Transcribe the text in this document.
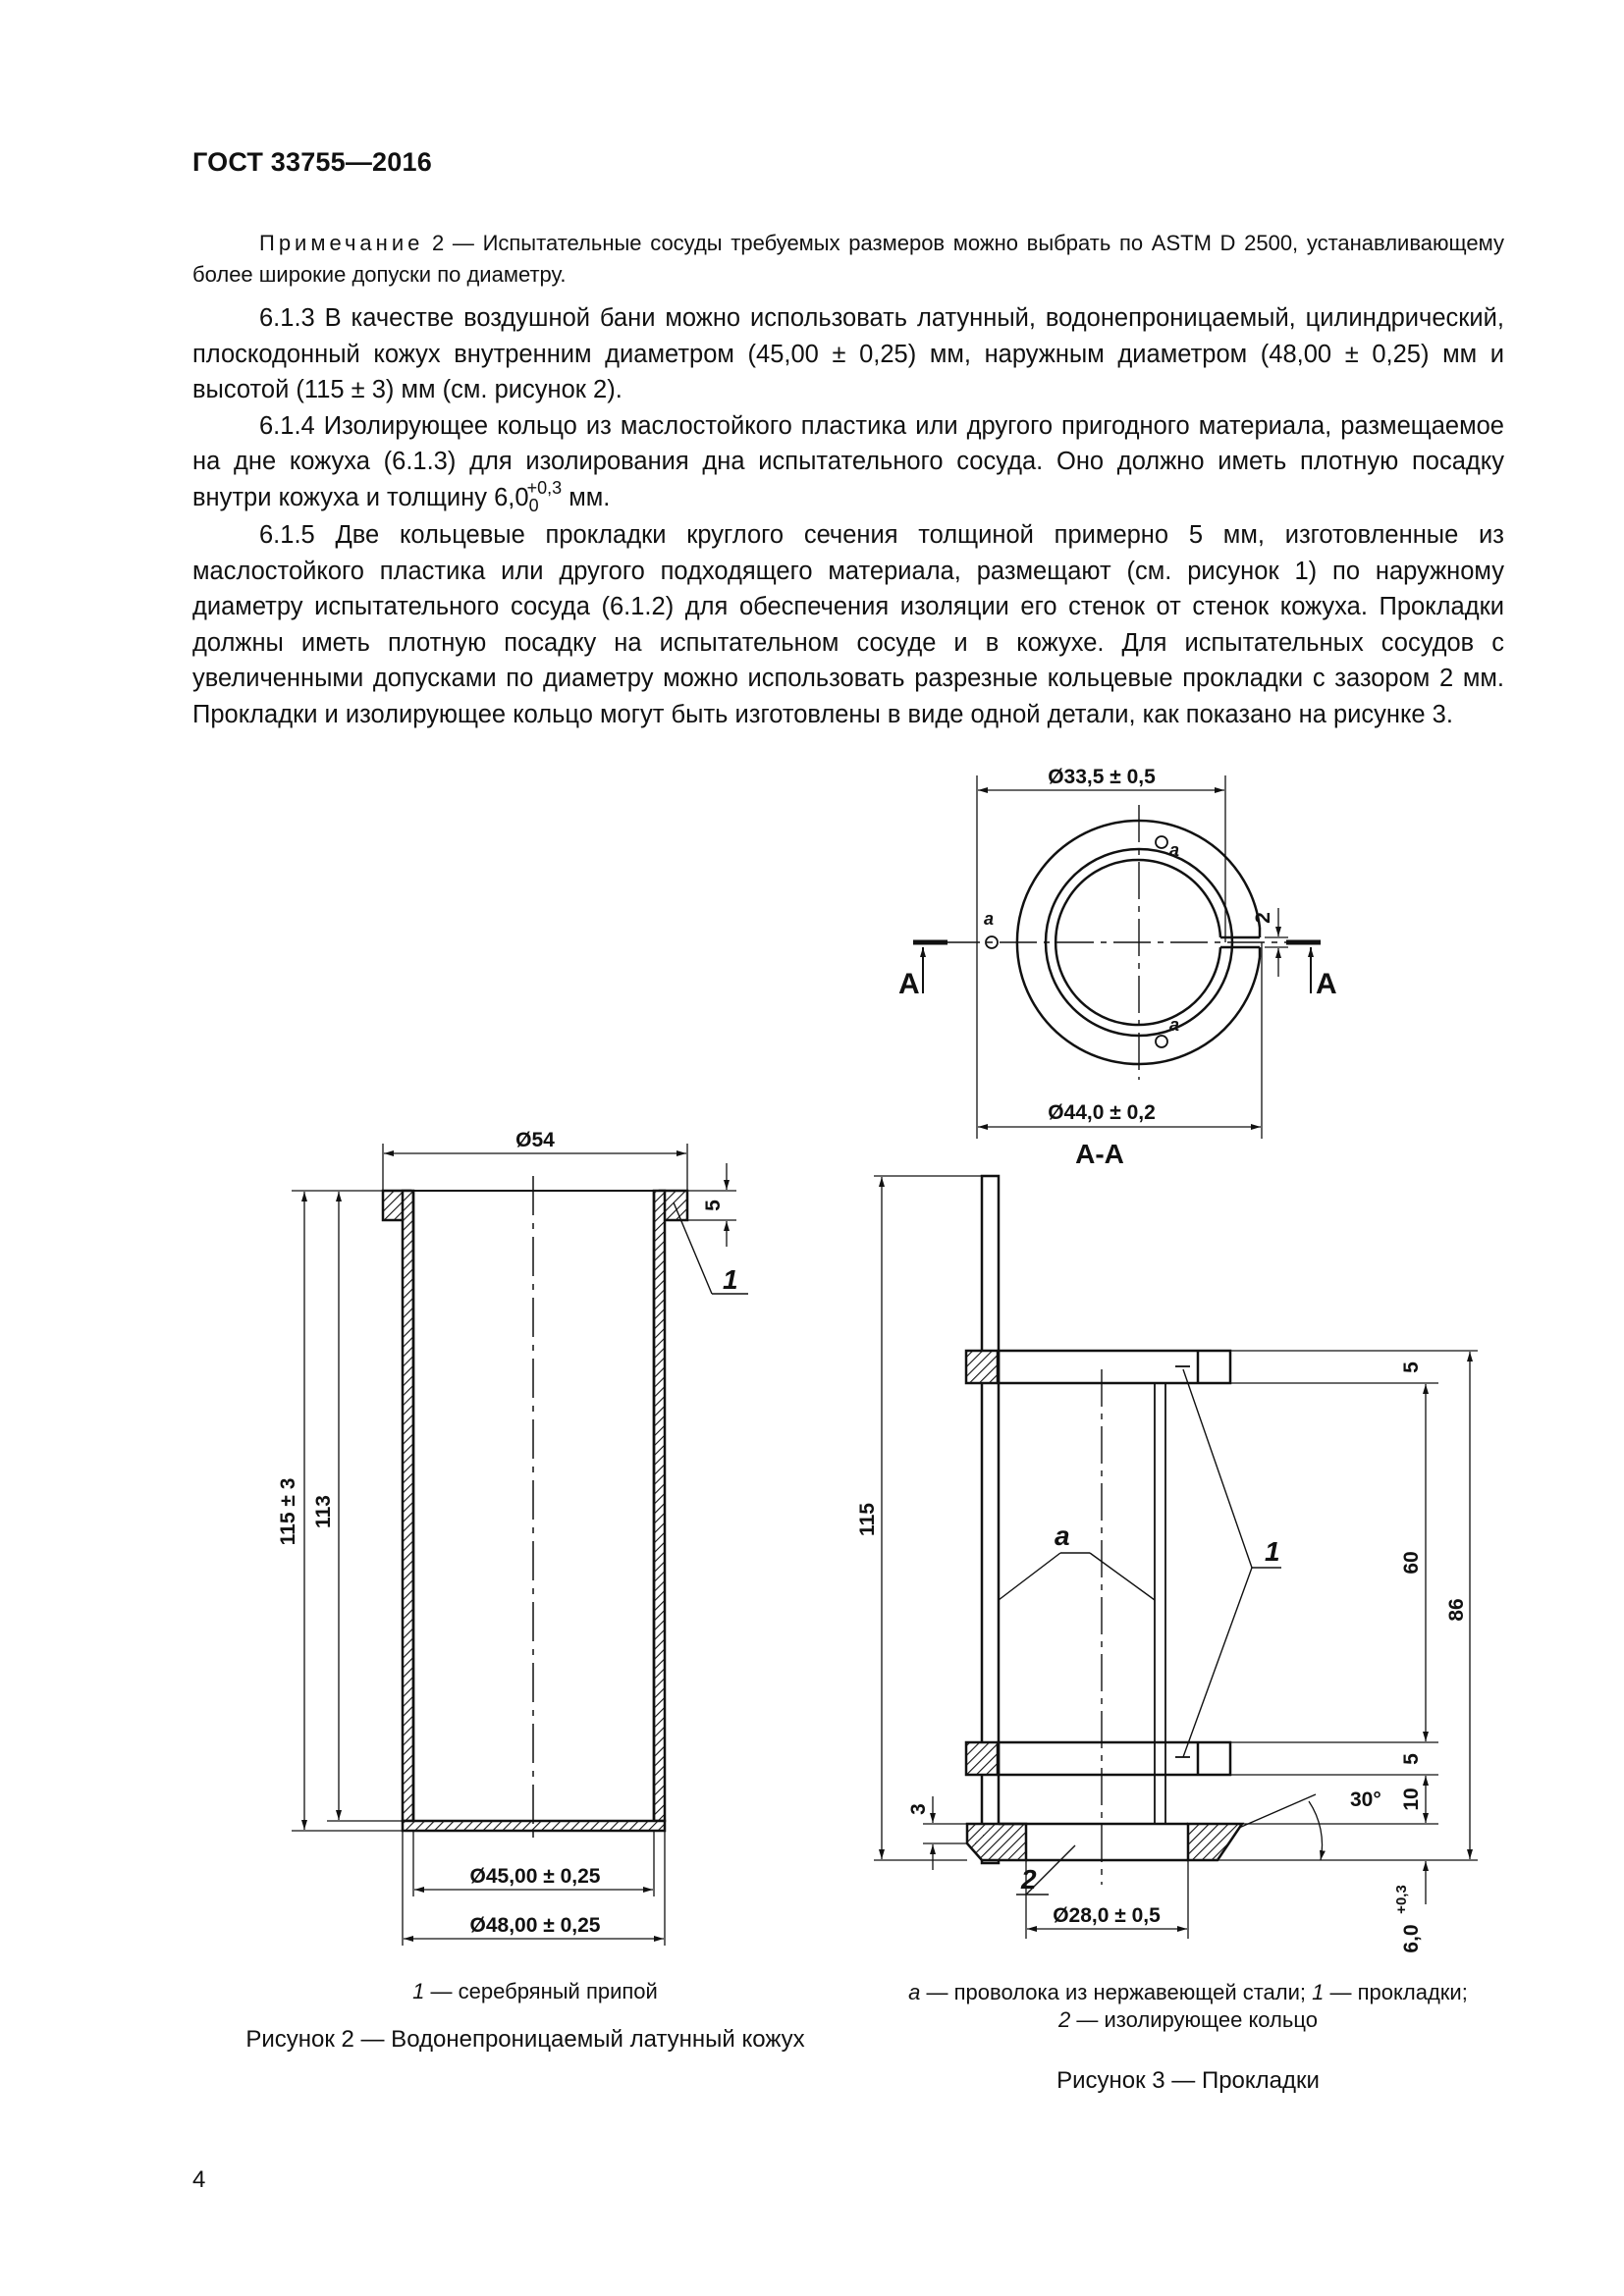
ГОСТ 33755—2016

Примечание 2 — Испытательные сосуды требуемых размеров можно выбрать по ASTM D 2500, устанавливающему более широкие допуски по диаметру.

6.1.3 В качестве воздушной бани можно использовать латунный, водонепроницаемый, цилиндрический, плоскодонный кожух внутренним диаметром (45,00 ± 0,25) мм, наружным диаметром (48,00 ± 0,25) мм и высотой (115 ± 3) мм (см. рисунок 2).

6.1.4 Изолирующее кольцо из маслостойкого пластика или другого пригодного материала, размещаемое на дне кожуха (6.1.3) для изолирования дна испытательного сосуда. Оно должно иметь плотную посадку внутри кожуха и толщину $6,0_0^{+0,3}$ мм.

6.1.5 Две кольцевые прокладки круглого сечения толщиной примерно 5 мм, изготовленные из маслостойкого пластика или другого подходящего материала, размещают (см. рисунок 1) по наружному диаметру испытательного сосуда (6.1.2) для обеспечения изоляции его стенок от стенок кожуха. Прокладки должны иметь плотную посадку на испытательном сосуде и в кожухе. Для испытательных сосудов с увеличенными допусками по диаметру можно использовать разрезные кольцевые прокладки с зазором 2 мм. Прокладки и изолирующее кольцо могут быть изготовлены в виде одной детали, как показано на рисунке 3.

Ø54
5
115 ± 3 113
Ø45,00 ± 0,25
Ø48,00 ± 0,25
1
Ø33,5 ± 0,5
Ø44,0 ± 0,2
2
A	A
a
a
a
А-А
115
5
60
86
5
10
3	30°
6,0
+0,3
Ø28,0 ± 0,5
a
1
2
1 — серебряный припой
Рисунок 2 — Водонепроницаемый латунный кожух
a — проволока из нержавеющей стали; 1 — прокладки;
2 — изолирующее кольцо
Рисунок 3 — Прокладки
4
